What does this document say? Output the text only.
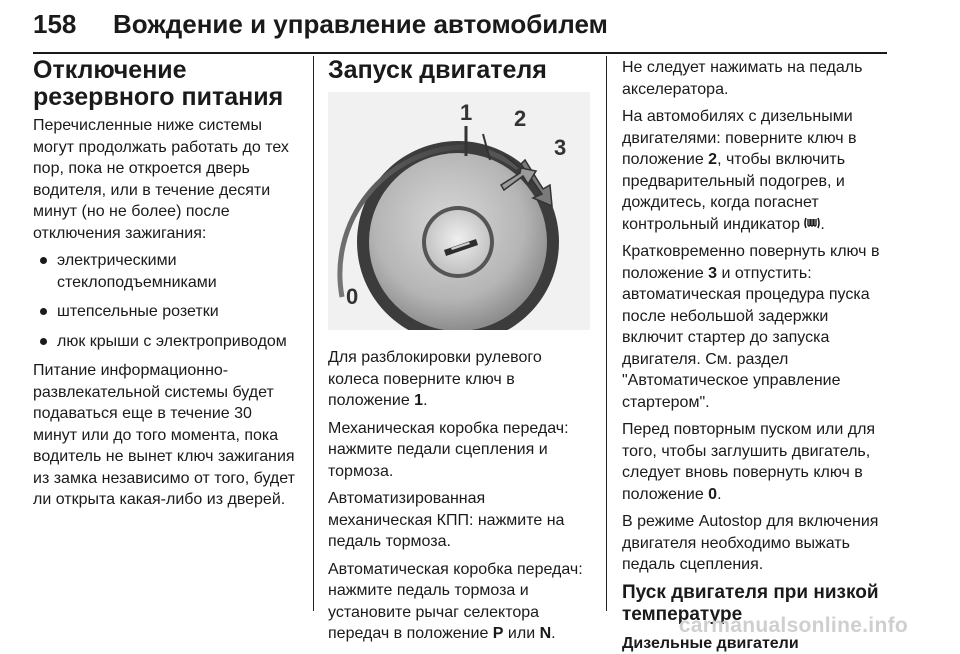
158 Вождение и управление автомобилем
Отключение резервного питания

Перечисленные ниже системы могут продолжать работать до тех пор, пока не откроется дверь водителя, или в течение десяти минут (но не более) после отключения зажигания:

электрическими стеклоподъемниками
штепсельные розетки
люк крыши с электроприводом

Питание информационно-развлекательной системы будет подаваться еще в течение 30 минут или до того момента, пока водитель не вынет ключ зажигания из замка независимо от того, будет ли открыта какая-либо из дверей.

Запуск двигателя
0
1 2
3

Для разблокировки рулевого колеса поверните ключ в положение 1.

Механическая коробка передач: нажмите педали сцепления и тормоза.

Автоматизированная механическая КПП: нажмите на педаль тормоза.

Автоматическая коробка передач: нажмите педаль тормоза и установите рычаг селектора передач в положение P или N.

Не следует нажимать на педаль акселератора.

На автомобилях с дизельными двигателями: поверните ключ в положение 2, чтобы включить предварительный подогрев, и дождитесь, когда погаснет контрольный индикатор .

Кратковременно повернуть ключ в положение 3 и отпустить: автоматическая процедура пуска после небольшой задержки включит стартер до запуска двигателя. См. раздел "Автоматическое управление стартером".

Перед повторным пуском или для того, чтобы заглушить двигатель, следует вновь повернуть ключ в положение 0.

В режиме Autostop для включения двигателя необходимо выжать педаль сцепления.

Пуск двигателя при низкой температуре
Дизельные двигатели
carmanualsonline.info
